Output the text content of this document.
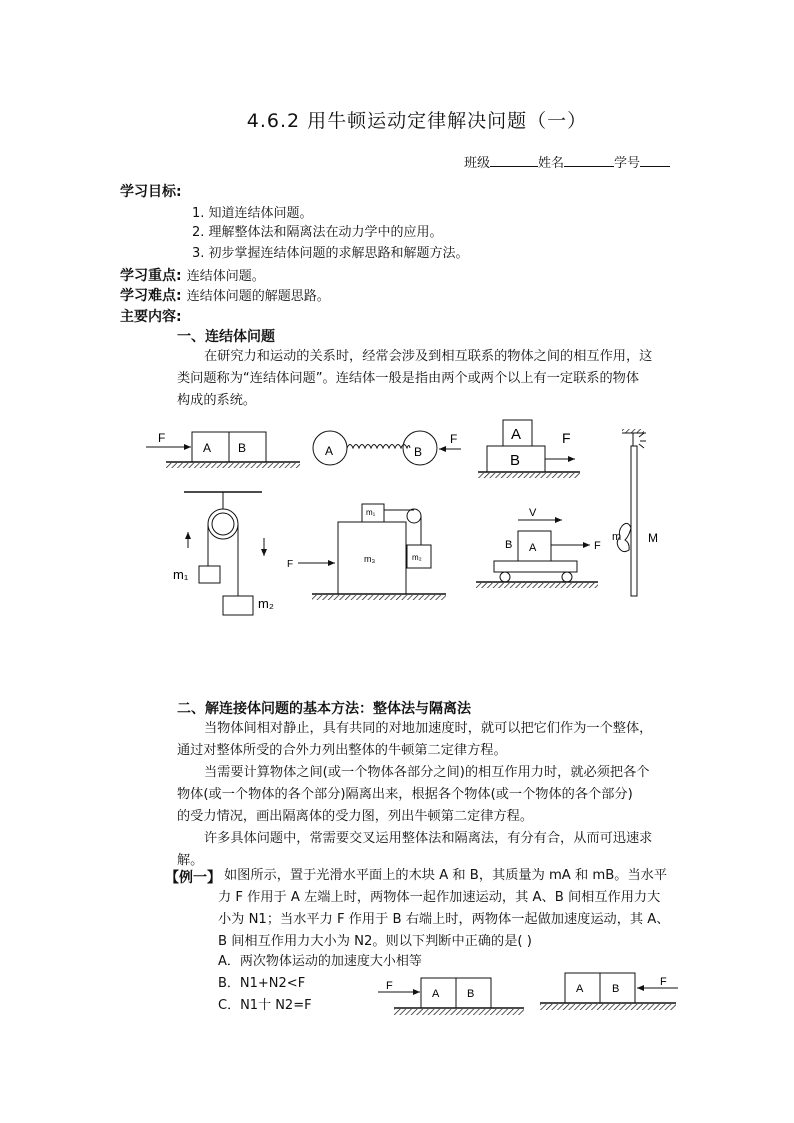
4.6.2 用牛顿运动定律解决问题（一）
班级	姓名	学号
学习目标:
1. 知道连结体问题。
2. 理解整体法和隔离法在动力学中的应用。
3. 初步掌握连结体问题的求解思路和解题方法。
学习重点: 连结体问题。
学习难点: 连结体问题的解题思路。
主要内容:
一、连结体问题
在研究力和运动的关系时，经常会涉及到相互联系的物体之间的相互作用，这
类问题称为“连结体问题”。连结体一般是指由两个或两个以上有一定联系的物体
构成的系统。
F
A B	A	B
F	A
B
F
m M
m₁
m₂
F	m₃
m₁
m₂
V
B A	F
F
A	B	A	B
F
二、解连接体问题的基本方法：整体法与隔离法
当物体间相对静止，具有共同的对地加速度时，就可以把它们作为一个整体，
通过对整体所受的合外力列出整体的牛顿第二定律方程。
当需要计算物体之间(或一个物体各部分之间)的相互作用力时，就必须把各个
物体(或一个物体的各个部分)隔离出来，根据各个物体(或一个物体的各个部分)
的受力情况，画出隔离体的受力图，列出牛顿第二定律方程。
许多具体问题中，常需要交叉运用整体法和隔离法，有分有合，从而可迅速求
解。
【例一】 如图所示，置于光滑水平面上的木块 A 和 B，其质量为 mA 和 mB。当水平
力 F 作用于 A 左端上时，两物体一起作加速运动，其 A、B 间相互作用力大
小为 N1；当水平力 F 作用于 B 右端上时，两物体一起做加速度运动，其 A、
B 间相互作用力大小为 N2。则以下判断中正确的是( )
A．两次物体运动的加速度大小相等
B．N1+N2<F
C．N1十 N2=F
